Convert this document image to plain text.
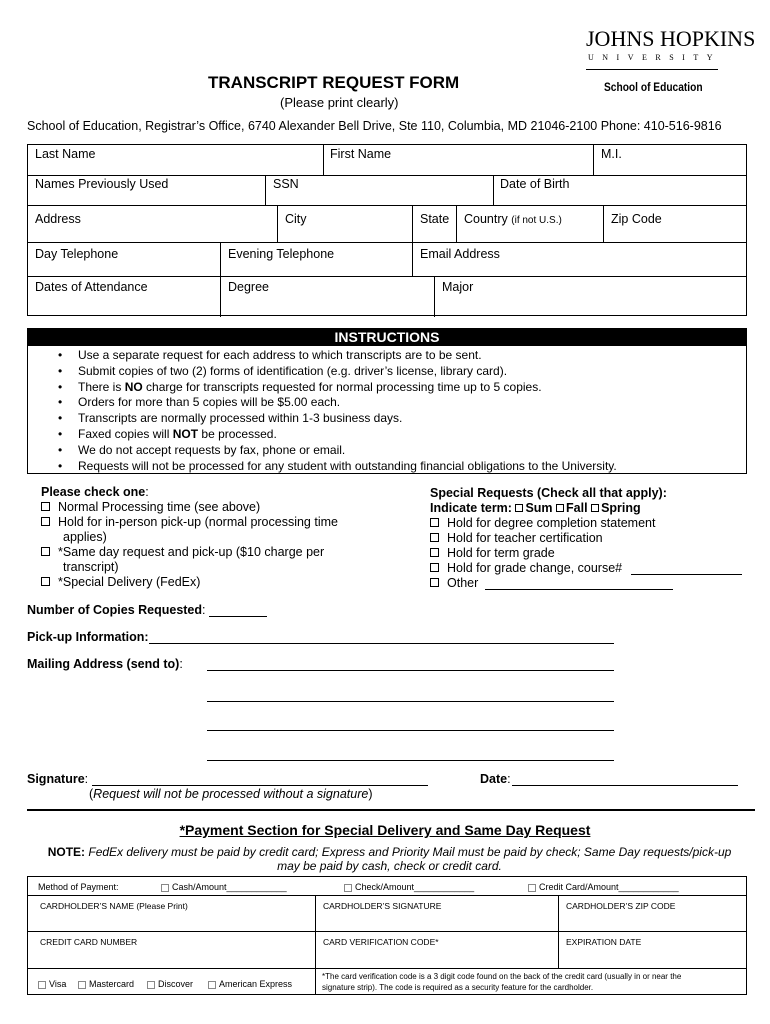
JOHNS HOPKINS
UNIVERSITY
School of Education
TRANSCRIPT REQUEST FORM
(Please print clearly)
School of Education, Registrar’s Office, 6740 Alexander Bell Drive, Ste 110, Columbia, MD 21046-2100 Phone: 410-516-9816
Last Name	First Name	M.I.
Names Previously Used	SSN	Date of Birth
Address	City	State Country (if not U.S.)	Zip Code
Day Telephone	Evening Telephone	Email Address
Dates of Attendance	Degree	Major
INSTRUCTIONS
• Use a separate request for each address to which transcripts are to be sent.
• Submit copies of two (2) forms of identification (e.g. driver’s license, library card).
• There is NO charge for transcripts requested for normal processing time up to 5 copies.
• Orders for more than 5 copies will be $5.00 each.
• Transcripts are normally processed within 1-3 business days.
• Faxed copies will NOT be processed.
• We do not accept requests by fax, phone or email.
• Requests will not be processed for any student with outstanding financial obligations to the University.
Please check one:
Normal Processing time (see above)
Hold for in-person pick-up (normal processing time
applies)
*Same day request and pick-up ($10 charge per
transcript)
*Special Delivery (FedEx)
Special Requests (Check all that apply):
Indicate term: Sum Fall Spring
Hold for degree completion statement
Hold for teacher certification
Hold for term grade
Hold for grade change, course#
Other
Number of Copies Requested:
Pick-up Information:
Mailing Address (send to):
Signature:
(Request will not be processed without a signature)
Date:
*Payment Section for Special Delivery and Same Day Request
NOTE: FedEx delivery must be paid by credit card; Express and Priority Mail must be paid by check; Same Day requests/pick-up
may be paid by cash, check or credit card.
Method of Payment:	Cash/Amount____________	Check/Amount____________	Credit Card/Amount____________
CARDHOLDER’S NAME (Please Print)	CARDHOLDER’S SIGNATURE	CARDHOLDER’S ZIP CODE
CREDIT CARD NUMBER	CARD VERIFICATION CODE*	EXPIRATION DATE
Visa	Mastercard	Discover	American Express
*The card verification code is a 3 digit code found on the back of the credit card (usually in or near the
signature strip). The code is required as a security feature for the cardholder.
